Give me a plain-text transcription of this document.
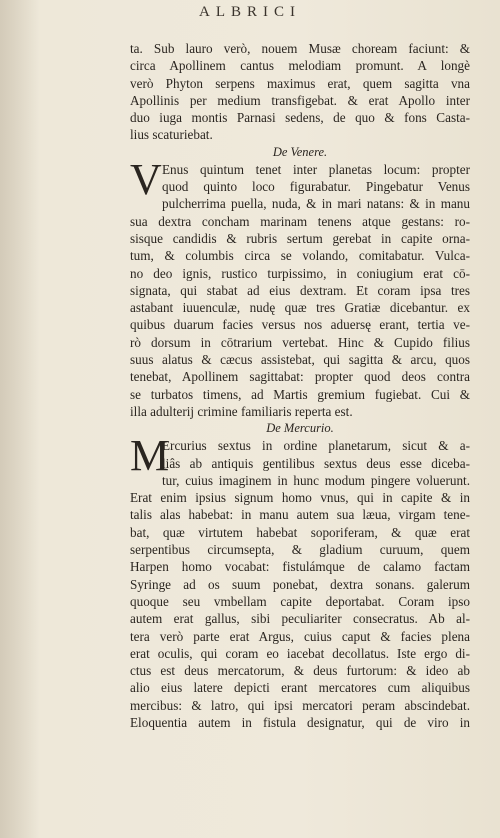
ALBRICI
ta. Sub lauro verò, nouem Musæ choream faciunt: &
circa Apollinem cantus melodiam promunt. A longè
verò Phyton serpens maximus erat, quem sagitta vna
Apollinis per medium transfigebat. & erat Apollo inter
duo iuga montis Parnasi sedens, de quo & fons Casta-
lius scaturiebat.
De Venere.
V Enus quintum tenet inter planetas locum: propter
quod quinto loco figurabatur. Pingebatur Venus
pulcherrima puella, nuda, & in mari natans: & in manu
sua dextra concham marinam tenens atque gestans: ro-
sisque candidis & rubris sertum gerebat in capite orna-
tum, & columbis circa se volando, comitabatur. Vulca-
no deo ignis, rustico turpissimo, in coniugium erat cō-
signata, qui stabat ad eius dextram. Et coram ipsa tres
astabant iuuenculæ, nudę quæ tres Gratiæ dicebantur. ex
quibus duarum facies versus nos aduersę erant, tertia ve-
rò dorsum in cōtrarium vertebat. Hinc & Cupido filius
suus alatus & cæcus assistebat, qui sagitta & arcu, quos
tenebat, Apollinem sagittabat: propter quod deos contra
se turbatos timens, ad Martis gremium fugiebat. Cui &
illa adulterij crimine familiaris reperta est.
De Mercurio.
M
Ercurius sextus in ordine planetarum, sicut & a-
liâs ab antiquis gentilibus sextus deus esse diceba-
tur, cuius imaginem in hunc modum pingere voluerunt.
Erat enim ipsius signum homo vnus, qui in capite & in
talis alas habebat: in manu autem sua læua, virgam tene-
bat, quæ virtutem habebat soporiferam, & quæ erat
serpentibus circumsepta, & gladium curuum, quem
Harpen homo vocabat: fistulámque de calamo factam
Syringe ad os suum ponebat, dextra sonans. galerum
quoque seu vmbellam capite deportabat. Coram ipso
autem erat gallus, sibi peculiariter consecratus. Ab al-
tera verò parte erat Argus, cuius caput & facies plena
erat oculis, qui coram eo iacebat decollatus. Iste ergo di-
ctus est deus mercatorum, & deus furtorum: & ideo ab
alio eius latere depicti erant mercatores cum aliquibus
mercibus: & latro, qui ipsi mercatori peram abscindebat.
Eloquentia autem in fistula designatur, qui de viro in
